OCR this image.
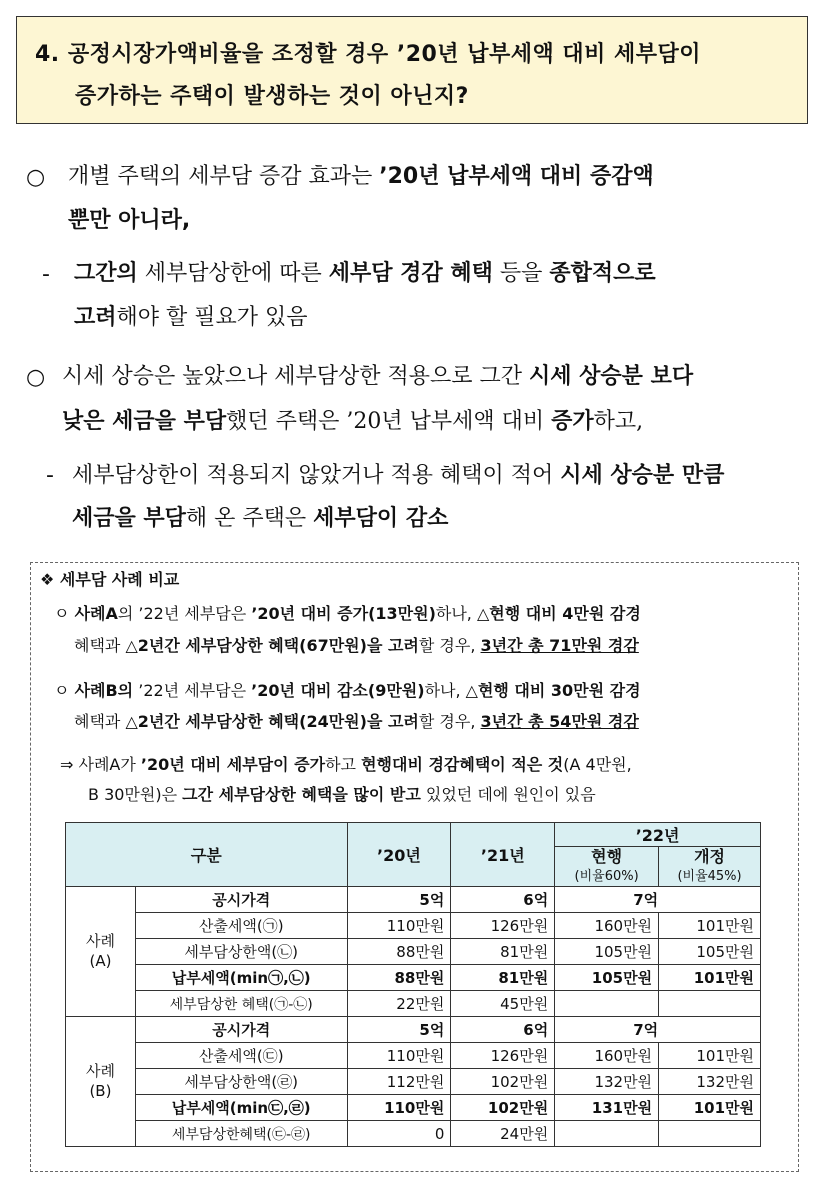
4. 공정시장가액비율을 조정할 경우 ’20년 납부세액 대비 세부담이
증가하는 주택이 발생하는 것이 아닌지?
○ 개별 주택의 세부담 증감 효과는 ’20년 납부세액 대비 증감액
뿐만 아니라,
- 그간의 세부담상한에 따른 세부담 경감 혜택 등을 종합적으로
고려해야 할 필요가 있음
○ 시세 상승은 높았으나 세부담상한 적용으로 그간 시세 상승분 보다
낮은 세금을 부담했던 주택은 ’20년 납부세액 대비 증가하고,
- 세부담상한이 적용되지 않았거나 적용 혜택이 적어 시세 상승분 만큼
세금을 부담해 온 주택은 세부담이 감소
❖ 세부담 사례 비교
ㅇ 사례A의 ’22년 세부담은 ’20년 대비 증가(13만원)하나, △현행 대비 4만원 감경
혜택과 △2년간 세부담상한 혜택(67만원)을 고려할 경우, 3년간 총 71만원 경감
ㅇ 사례B의 ’22년 세부담은 ’20년 대비 감소(9만원)하나, △현행 대비 30만원 감경
혜택과 △2년간 세부담상한 혜택(24만원)을 고려할 경우, 3년간 총 54만원 경감
⇒ 사례A가 ’20년 대비 세부담이 증가하고 현행대비 경감혜택이 적은 것(A 4만원,
B 30만원)은 그간 세부담상한 혜택을 많이 받고 있었던 데에 원인이 있음
구분		’20년	’21년	’22년	
				현행
(비율60%)	개정
(비율45%)
사례
(A)	공시가격	5억	6억	7억	
	산출세액(㉠)	110만원	126만원	160만원	101만원
	세부담상한액(㉡)	88만원	81만원	105만원	105만원
	납부세액(min㉠,㉡)	88만원	81만원	105만원	101만원
	세부담상한 혜택(㉠-㉡)	22만원	45만원		
사례
(B)	공시가격	5억	6억	7억	
	산출세액(㉢)	110만원	126만원	160만원	101만원
	세부담상한액(㉣)	112만원	102만원	132만원	132만원
	납부세액(min㉢,㉣)	110만원	102만원	131만원	101만원
	세부담상한혜택(㉢-㉣)	0	24만원		
